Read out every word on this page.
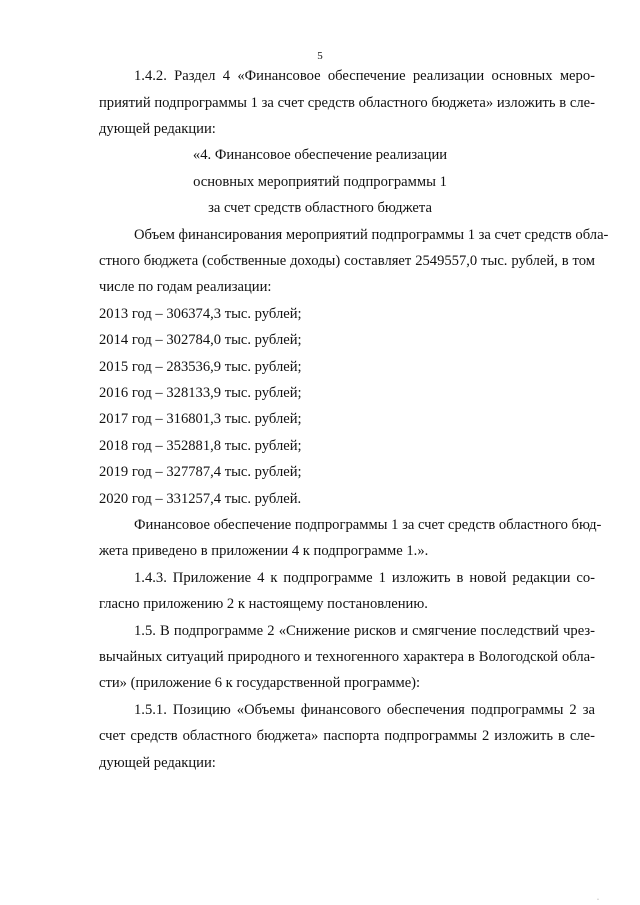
5
1.4.2. Раздел 4 «Финансовое обеспечение реализации основных меро-
приятий подпрограммы 1 за счет средств областного бюджета» изложить в сле-
дующей редакции:
«4. Финансовое обеспечение реализации
основных мероприятий подпрограммы 1
за счет средств областного бюджета
Объем финансирования мероприятий подпрограммы 1 за счет средств обла-
стного бюджета (собственные доходы) составляет 2549557,0 тыс. рублей, в том
числе по годам реализации:
2013 год – 306374,3 тыс. рублей;
2014 год – 302784,0 тыс. рублей;
2015 год – 283536,9 тыс. рублей;
2016 год – 328133,9 тыс. рублей;
2017 год – 316801,3 тыс. рублей;
2018 год – 352881,8 тыс. рублей;
2019 год – 327787,4 тыс. рублей;
2020 год – 331257,4 тыс. рублей.
Финансовое обеспечение подпрограммы 1 за счет средств областного бюд-
жета приведено в приложении 4 к подпрограмме 1.».
1.4.3. Приложение 4 к подпрограмме 1 изложить в новой редакции со-
гласно приложению 2 к настоящему постановлению.
1.5. В подпрограмме 2 «Снижение рисков и смягчение последствий чрез-
вычайных ситуаций природного и техногенного характера в Вологодской обла-
сти» (приложение 6 к государственной программе):
1.5.1. Позицию «Объемы финансового обеспечения подпрограммы 2 за
счет средств областного бюджета» паспорта подпрограммы 2 изложить в сле-
дующей редакции:
·
